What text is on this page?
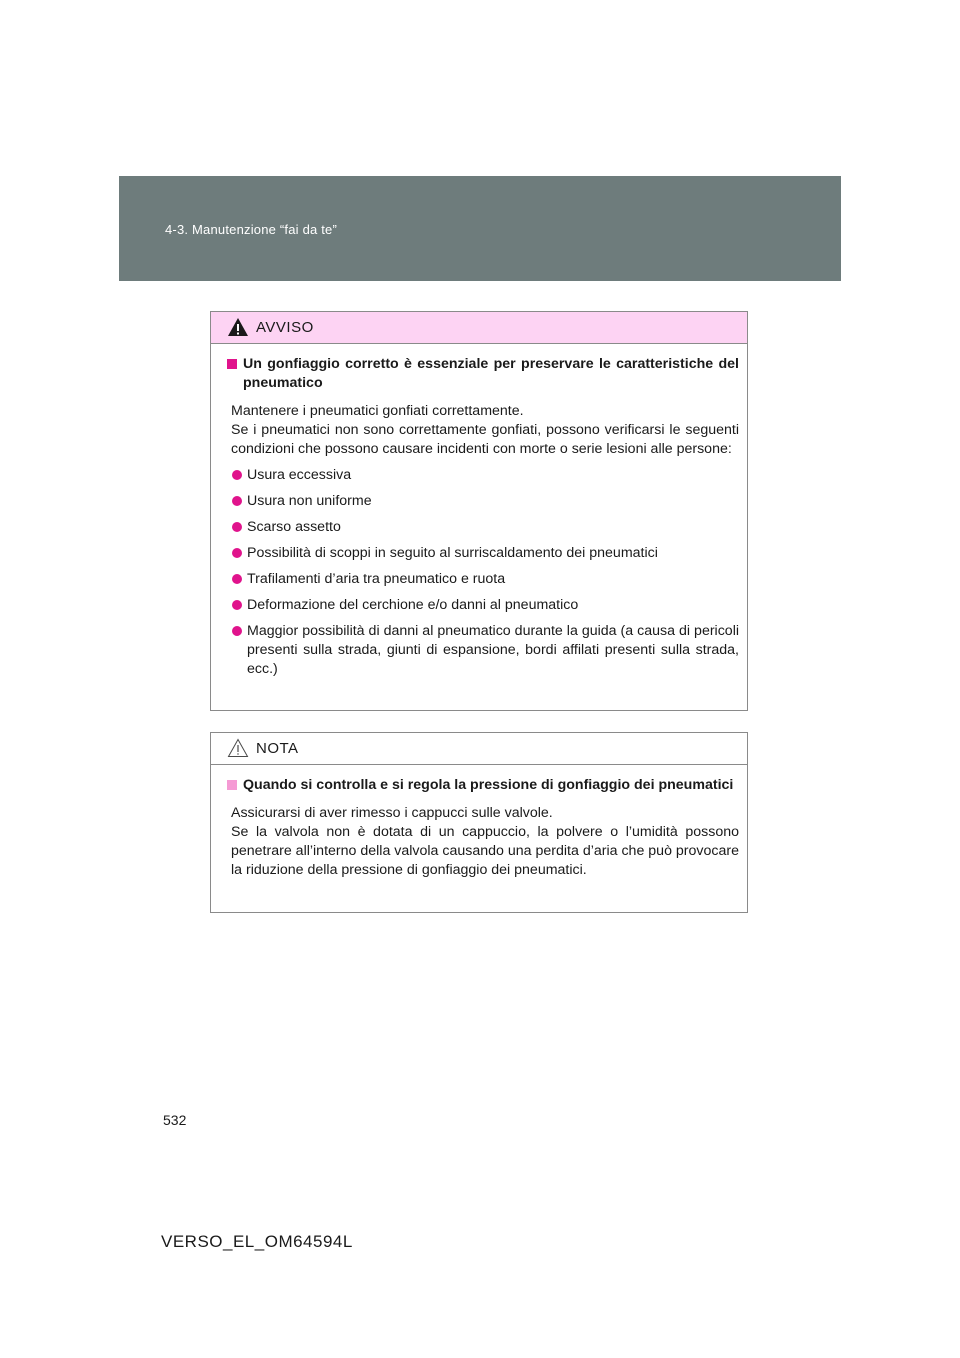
4-3. Manutenzione “fai da te”
AVVISO
Un gonfiaggio corretto è essenziale per preservare le caratteristiche del pneumatico
Mantenere i pneumatici gonfiati correttamente.
Se i pneumatici non sono correttamente gonfiati, possono verificarsi le seguenti condizioni che possono causare incidenti con morte o serie lesioni alle persone:
Usura eccessiva
Usura non uniforme
Scarso assetto
Possibilità di scoppi in seguito al surriscaldamento dei pneumatici
Trafilamenti d’aria tra pneumatico e ruota
Deformazione del cerchione e/o danni al pneumatico
Maggior possibilità di danni al pneumatico durante la guida (a causa di pericoli presenti sulla strada, giunti di espansione, bordi affilati presenti sulla strada, ecc.)
NOTA
Quando si controlla e si regola la pressione di gonfiaggio dei pneumatici
Assicurarsi di aver rimesso i cappucci sulle valvole.
Se la valvola non è dotata di un cappuccio, la polvere o l’umidità possono penetrare all’interno della valvola causando una perdita d’aria che può provocare la riduzione della pressione di gonfiaggio dei pneumatici.
532
VERSO_EL_OM64594L
